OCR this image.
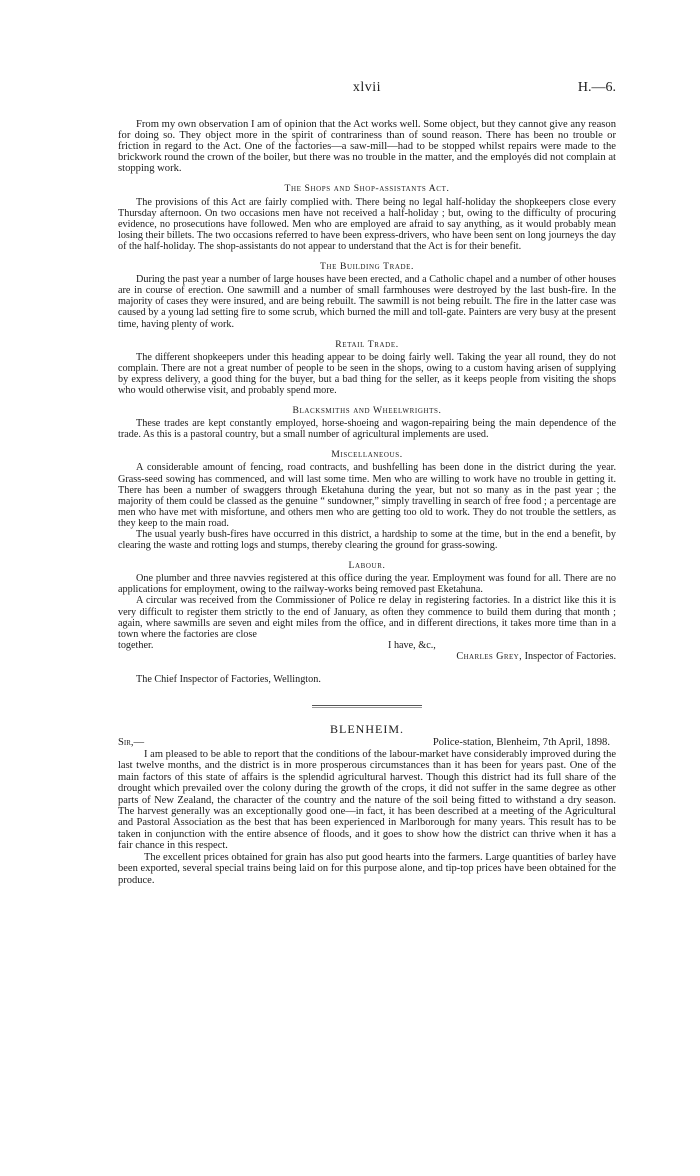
xlvii	H.—6.

From my own observation I am of opinion that the Act works well. Some object, but they cannot give any reason for doing so. They object more in the spirit of contrariness than of sound reason. There has been no trouble or friction in regard to the Act. One of the factories—a saw-mill—had to be stopped whilst repairs were made to the brickwork round the crown of the boiler, but there was no trouble in the matter, and the employés did not complain at stopping work.

The Shops and Shop-assistants Act.

The provisions of this Act are fairly complied with. There being no legal half-holiday the shopkeepers close every Thursday afternoon. On two occasions men have not received a half-holiday ; but, owing to the difficulty of procuring evidence, no prosecutions have followed. Men who are employed are afraid to say anything, as it would probably mean losing their billets. The two occasions referred to have been express-drivers, who have been sent on long journeys the day of the half-holiday. The shop-assistants do not appear to understand that the Act is for their benefit.

The Building Trade.

During the past year a number of large houses have been erected, and a Catholic chapel and a number of other houses are in course of erection. One sawmill and a number of small farmhouses were destroyed by the last bush-fire. In the majority of cases they were insured, and are being rebuilt. The sawmill is not being rebuilt. The fire in the latter case was caused by a young lad setting fire to some scrub, which burned the mill and toll-gate. Painters are very busy at the present time, having plenty of work.

Retail Trade.

The different shopkeepers under this heading appear to be doing fairly well. Taking the year all round, they do not complain. There are not a great number of people to be seen in the shops, owing to a custom having arisen of supplying by express delivery, a good thing for the buyer, but a bad thing for the seller, as it keeps people from visiting the shops who would otherwise visit, and probably spend more.

Blacksmiths and Wheelwrights.

These trades are kept constantly employed, horse-shoeing and wagon-repairing being the main dependence of the trade. As this is a pastoral country, but a small number of agricultural implements are used.

Miscellaneous.

A considerable amount of fencing, road contracts, and bushfelling has been done in the district during the year. Grass-seed sowing has commenced, and will last some time. Men who are willing to work have no trouble in getting it. There has been a number of swaggers through Eketahuna during the year, but not so many as in the past year ; the majority of them could be classed as the genuine “ sundowner,” simply travelling in search of free food ; a percentage are men who have met with misfortune, and others men who are getting too old to work. They do not trouble the settlers, as they keep to the main road.

The usual yearly bush-fires have occurred in this district, a hardship to some at the time, but in the end a benefit, by clearing the waste and rotting logs and stumps, thereby clearing the ground for grass-sowing.

Labour.

One plumber and three navvies registered at this office during the year. Employment was found for all. There are no applications for employment, owing to the railway-works being removed past Eketahuna.

A circular was received from the Commissioner of Police re delay in registering factories. In a district like this it is very difficult to register them strictly to the end of January, as often they commence to build them during that month ; again, where sawmills are seven and eight miles from the office, and in different directions, it takes more time than in a town where the factories are close

together.	I have, &c.,
Charles Grey, Inspector of Factories.

The Chief Inspector of Factories, Wellington.

BLENHEIM.
Sir,—	Police-station, Blenheim, 7th April, 1898.

I am pleased to be able to report that the conditions of the labour-market have considerably improved during the last twelve months, and the district is in more prosperous circumstances than it has been for years past. One of the main factors of this state of affairs is the splendid agricultural harvest. Though this district had its full share of the drought which prevailed over the colony during the growth of the crops, it did not suffer in the same degree as other parts of New Zealand, the character of the country and the nature of the soil being fitted to withstand a dry season. The harvest generally was an exceptionally good one—in fact, it has been described at a meeting of the Agricultural and Pastoral Association as the best that has been experienced in Marlborough for many years. This result has to be taken in conjunction with the entire absence of floods, and it goes to show how the district can thrive when it has a fair chance in this respect.

The excellent prices obtained for grain has also put good hearts into the farmers. Large quantities of barley have been exported, several special trains being laid on for this purpose alone, and tip-top prices have been obtained for the produce.
